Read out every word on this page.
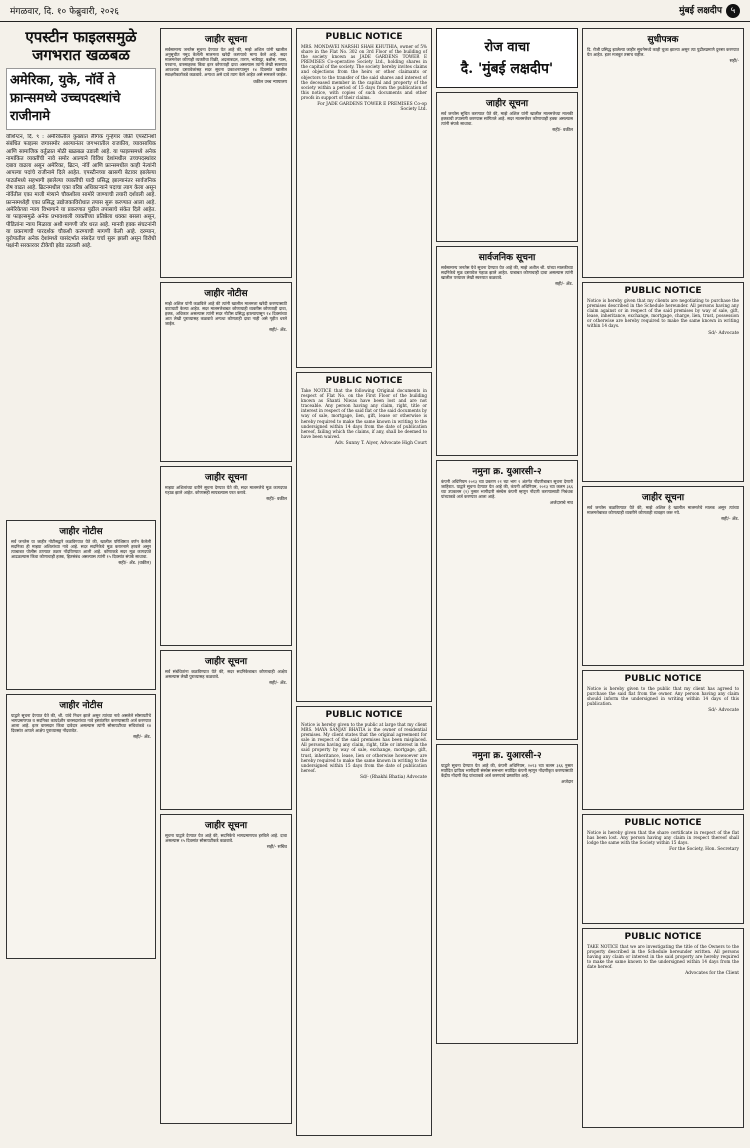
मंगळवार, दि. १० फेब्रुवारी, २०२६	मुंबई लक्षदीप ५
एपस्टीन फाइलसमुळे जगभरात खळबळ
अमेरिका, युके, नॉर्वे ते फ्रान्समध्ये उच्चपदस्थांचे राजीनामे
वॉशिंग्टन, दि. ९ : अमेरिकेतील कुख्यात लैंगिक गुन्हेगार जेफ्री एपस्टीनशी संबंधित फाइल्स जगासमोर आल्यानंतर जगभरातील राजकीय, व्यावसायिक आणि सामाजिक वर्तुळात मोठी खळबळ उडाली आहे. या फाइल्समध्ये अनेक नामांकित व्यक्तींची नावे समोर आल्याने विविध देशांमधील उच्चपदस्थांवर दबाव वाढला असून अमेरिका, ब्रिटन, नॉर्वे आणि फ्रान्समधील काही नेत्यांनी आपल्या पदांचे राजीनामे दिले आहेत. एपस्टीनच्या खासगी बेटावर झालेल्या पार्ट्यांमध्ये सहभागी झालेल्या व्यक्तींची यादी प्रसिद्ध झाल्यानंतर सार्वजनिक रोष वाढत आहे. ब्रिटनमधील एका वरिष्ठ अधिकाऱ्याने पदाचा त्याग केला असून नॉर्वेतील एका माजी मंत्र्याने चौकशीला सामोरे जाण्याची तयारी दर्शवली आहे. फ्रान्समध्येही एका प्रसिद्ध उद्योजकाविरोधात तपास सुरू करण्यात आला आहे. अमेरिकेच्या न्याय विभागाने या प्रकरणात पुढील तपासाचे संकेत दिले आहेत. या फाइल्समुळे अनेक प्रभावशाली व्यक्तींच्या प्रतिष्ठेला धक्का बसला असून, पीडितांना न्याय मिळावा अशी मागणी जोर धरत आहे. मानवी हक्क संघटनांनी या प्रकरणाची पारदर्शक चौकशी करण्याची मागणी केली आहे. दरम्यान, युरोपातील अनेक देशांमध्ये यासंदर्भात संसदेत चर्चा सुरू झाली असून विरोधी पक्षांनी सरकारवर टीकेची झोड उठवली आहे.
जाहीर नोटीस
सर्व जनतेस या जाहीर नोटीसद्वारे कळविण्यात येते की, खालील परिशिष्टात वर्णन केलेली सदनिका ही माझ्या अशिलांच्या नावे आहे. सदर सदनिकेचे मूळ करारनामे हरवले असून त्याबाबत पोलीस ठाण्यात तक्रार नोंदविण्यात आली आहे. कोणाकडे सदर मूळ कागदपत्रे आढळल्यास किंवा कोणाचाही हक्क, हितसंबंध असल्यास त्यांनी १५ दिवसांत संपर्क साधावा.
सही/- ॲड. (वकील)
जाहीर नोटीस
याद्वारे सूचना देण्यात येते की, श्री. यांचे निधन झाले असून त्यांच्या नावे असलेले सोसायटीचे भागप्रमाणपत्र व सदनिका कायदेशीर वारसदारांच्या नावे हस्तांतरित करण्यासाठी अर्ज करण्यात आला आहे. इतर वारसदार किंवा दावेदार असल्यास त्यांनी सोसायटीच्या सचिवांकडे १४ दिवसांत आपले आक्षेप पुराव्यासह नोंदवावेत.
सही/- ॲड.
जाहीर सूचना
सर्वसामान्य जनतेस सूचना देण्यात येत आहे की, माझे अशिल यांनी खालील अनुसूचीत नमूद केलेली मालमत्ता खरेदी करण्याचे मान्य केले आहे. सदर मालमत्तेवर कोणाही व्यक्तीचा विक्री, अदलाबदल, तारण, भाडेपट्टा, बक्षीस, न्यास, परवाना, वारसाहक्क किंवा इतर कोणताही दावा असल्यास त्यांनी लेखी स्वरुपात आवश्यक दस्तावेजांसह सदर सूचना प्रकाशनापासून १४ दिवसांत खालील स्वाक्षरीकर्ताकडे कळवावे. अन्यथा असे दावे त्याग केले आहेत असे समजले जाईल.
वकील उच्च न्यायालय
जाहीर नोटीस
माझे अशिल यांनी कळविले आहे की त्यांनी खालील मालमत्ता खरेदी करण्यासाठी वाटाघाटी केल्या आहेत. सदर मालमत्तेबाबत कोणत्याही व्यक्तीस कोणताही दावा, हक्क, अधिकार असल्यास त्यांनी सदर नोटीस प्रसिद्ध झाल्यापासून १४ दिवसांच्या आत लेखी पुराव्यासह कळवावे अन्यथा कोणताही दावा नाही असे गृहीत धरले जाईल.
सही/- ॲड.
जाहीर सूचना
माझ्या अशिलांच्या वतीने सूचना देण्यात येते की, सदर मालमत्तेचे मूळ कागदपत्र गहाळ झाले आहेत. कोणासही सापडल्यास परत करावे.
सही/- वकील
जाहीर सूचना
सर्व संबंधितांना कळविण्यात येते की, सदर सदनिकेबाबत कोणाचाही आक्षेप असल्यास लेखी पुराव्यासह कळवावे.
सही/- ॲड.
जाहीर सूचना
सूचना याद्वारे देण्यात येत आहे की, सदनिकेचे भागप्रमाणपत्र हरविले आहे. दावा असल्यास १५ दिवसांत सोसायटीकडे कळवावे.
सही/- सचिव
PUBLIC NOTICE
MRS. MONDAVEI NARSHI SHAH KHUTHIA, owner of 5% share in the Flat No. 302 on 3rd Floor of the building of the society known as JADE GARDENS TOWER E PREMISES Co-operative Society Ltd., holding shares in the capital of the society. The society hereby invites claims and objections from the heirs or other claimants or objectors to the transfer of the said shares and interest of the deceased member in the capital and property of the society within a period of 15 days from the publication of this notice, with copies of such documents and other proofs in support of their claims.
For JADE GARDENS TOWER E PREMISES Co-op Society Ltd.
PUBLIC NOTICE
Take NOTICE that the following Original documents in respect of Flat No. on the First Floor of the building known as Shanti Niwas have been lost and are not traceable. Any person having any claim, right, title or interest in respect of the said flat or the said documents by way of sale, mortgage, lien, gift, lease or otherwise is hereby required to make the same known in writing to the undersigned within 14 days from the date of publication hereof, failing which the claims, if any, shall be deemed to have been waived.
Adv. Sunny T. Aiyer, Advocate High Court
PUBLIC NOTICE
Notice is hereby given to the public at large that my client MRS. MAYA SANJAY BHATIA is the owner of residential premises. My client states that the original agreement for sale in respect of the said premises has been misplaced. All persons having any claim, right, title or interest in the said property by way of sale, exchange, mortgage, gift, trust, inheritance, lease, lien or otherwise howsoever are hereby required to make the same known in writing to the undersigned within 15 days from the date of publication hereof.
Sd/- (Rhakhi Bhatia) Advocate
रोज वाचा
दै. 'मुंबई लक्षदीप'
जाहीर सूचना
सर्व जनतेस सूचित करण्यात येते की, माझे अशिल यांनी खालील मालमत्तेच्या मालकी हक्काची तपासणी करण्यास सांगितले आहे. सदर मालमत्तेवर कोणाचाही हक्क असल्यास त्यांनी संपर्क साधावा.
सही/- वकील
सार्वजनिक सूचना
सर्वसामान्य जनतेस येथे सूचना देण्यात येत आहे की, माझे अशील श्री. यांच्या मालकीच्या सदनिकेचे मूळ दस्तावेज गहाळ झाले आहेत. याबाबत कोणाचाही दावा असल्यास त्यांनी खालील पत्त्यावर लेखी स्वरुपात कळवावे.
सही/- ॲड.
नमुना क्र. युआरसी-२
कंपनी अधिनियम २०१३ च्या प्रकरण २१ च्या भाग १ अंतर्गत नोंदणीबाबत सूचना देणारी जाहिरात. याद्वारे सूचना देण्यात येत आहे की, कंपनी अधिनियम, २०१३ च्या कलम ३६६ च्या उपकलम (२) नुसार भागीदारी संस्थेस कंपनी म्हणून नोंदणी करण्यासाठी निबंधक यांच्याकडे अर्ज करण्यात आला आहे.
अर्जदाराचे नाव
नमुना क्र. युआरसी-२
याद्वारे सूचना देण्यात येत आहे की, कंपनी अधिनियम, २०१३ च्या कलम ३६६ नुसार मर्यादित दायित्व भागीदारी संस्थेस समभाग मर्यादित कंपनी म्हणून नोंदणीकृत करण्यासाठी केंद्रीय नोंदणी केंद्र यांच्याकडे अर्ज करण्याचे प्रस्तावित आहे.
अर्जदार
सुधीपत्रक
दि. रोजी प्रसिद्ध झालेल्या जाहीर सूचनेमध्ये काही चुका झाल्या असून त्या पुढीलप्रमाणे दुरुस्त करण्यात येत आहेत. इतर मजकूर तसाच राहील.
सही/-
PUBLIC NOTICE
Notice is hereby given that my clients are negotiating to purchase the premises described in the Schedule hereunder. All persons having any claim against or in respect of the said premises by way of sale, gift, lease, inheritance, exchange, mortgage, charge, lien, trust, possession or otherwise are hereby required to make the same known in writing within 14 days.
Sd/- Advocate
जाहीर सूचना
सर्व जनतेस कळविण्यात येते की, माझे अशिल हे खालील मालमत्तेचे मालक असून त्यांच्या मालमत्तेबाबत कोणत्याही व्यक्तीने कोणताही व्यवहार करू नये.
सही/- ॲड.
PUBLIC NOTICE
Notice is hereby given to the public that my client has agreed to purchase the said flat from the owner. Any person having any claim should inform the undersigned in writing within 14 days of this publication.
Sd/- Advocate
PUBLIC NOTICE
Notice is hereby given that the share certificate in respect of the flat has been lost. Any person having any claim in respect thereof shall lodge the same with the Society within 15 days.
For the Society, Hon. Secretary
PUBLIC NOTICE
TAKE NOTICE that we are investigating the title of the Owners to the property described in the Schedule hereunder written. All persons having any claim or interest in the said property are hereby required to make the same known to the undersigned within 14 days from the date hereof.
Advocates for the Client
